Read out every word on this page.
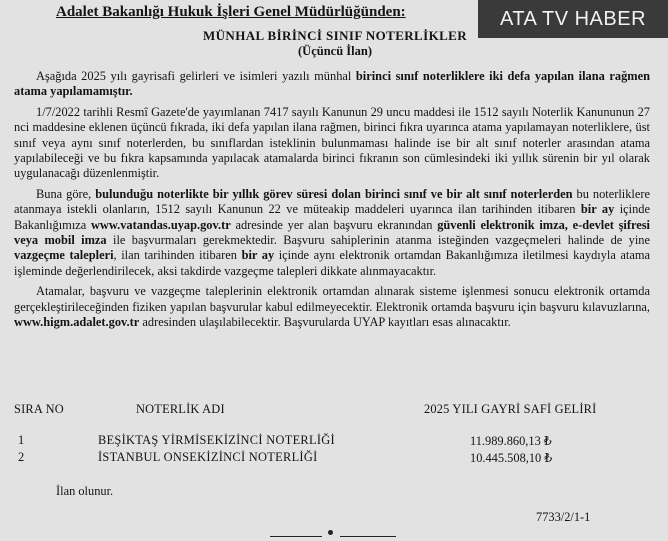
ATA TV HABER
Adalet Bakanlığı Hukuk İşleri Genel Müdürlüğünden:
MÜNHAL BİRİNCİ SINIF NOTERLİKLER
(Üçüncü İlan)

Aşağıda 2025 yılı gayrisafi gelirleri ve isimleri yazılı münhal birinci sınıf noterliklere iki defa yapılan ilana rağmen atama yapılamamıştır.

1/7/2022 tarihli Resmî Gazete'de yayımlanan 7417 sayılı Kanunun 29 uncu maddesi ile 1512 sayılı Noterlik Kanununun 27 nci maddesine eklenen üçüncü fıkrada, iki defa yapılan ilana rağmen, birinci fıkra uyarınca atama yapılamayan noterliklere, üst sınıf veya aynı sınıf noterlerden, bu sınıflardan isteklinin bulunmaması halinde ise bir alt sınıf noterler arasından atama yapılabileceği ve bu fıkra kapsamında yapılacak atamalarda birinci fıkranın son cümlesindeki iki yıllık sürenin bir yıl olarak uygulanacağı düzenlenmiştir.

Buna göre, bulunduğu noterlikte bir yıllık görev süresi dolan birinci sınıf ve bir alt sınıf noterlerden bu noterliklere atanmaya istekli olanların, 1512 sayılı Kanunun 22 ve müteakip maddeleri uyarınca ilan tarihinden itibaren bir ay içinde Bakanlığımıza www.vatandas.uyap.gov.tr adresinde yer alan başvuru ekranından güvenli elektronik imza, e-devlet şifresi veya mobil imza ile başvurmaları gerekmektedir. Başvuru sahiplerinin atanma isteğinden vazgeçmeleri halinde de yine vazgeçme talepleri, ilan tarihinden itibaren bir ay içinde aynı elektronik ortamdan Bakanlığımıza iletilmesi kaydıyla atama işleminde değerlendirilecek, aksi takdirde vazgeçme talepleri dikkate alınmayacaktır.

Atamalar, başvuru ve vazgeçme taleplerinin elektronik ortamdan alınarak sisteme işlenmesi sonucu elektronik ortamda gerçekleştirileceğinden fiziken yapılan başvurular kabul edilmeyecektir. Elektronik ortamda başvuru için başvuru kılavuzlarına, www.higm.adalet.gov.tr adresinden ulaşılabilecektir. Başvurularda UYAP kayıtları esas alınacaktır.

SIRA NO	NOTERLİK ADI	2025 YILI GAYRİ SAFİ GELİRİ
1	BEŞİKTAŞ YİRMİSEKİZİNCİ NOTERLİĞİ	11.989.860,13 ₺
2	İSTANBUL ONSEKİZİNCİ NOTERLİĞİ	10.445.508,10 ₺
İlan olunur.
7733/2/1-1
